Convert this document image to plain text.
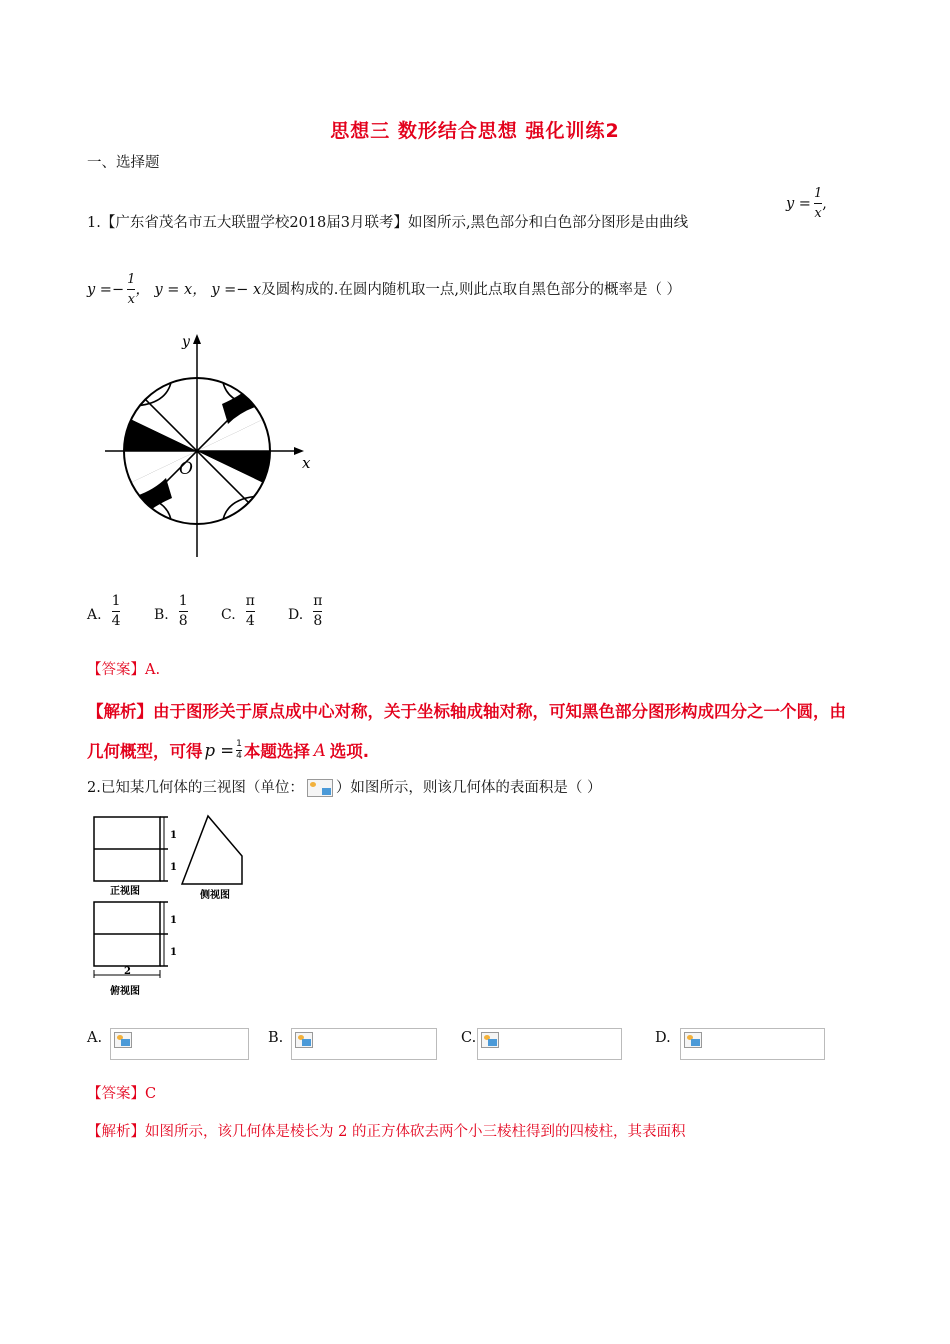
思想三 数形结合思想 强化训练2
一、选择题
1.【广东省茂名市五大联盟学校2018届3月联考】如图所示,黑色部分和白色部分图形是由曲线
$y = \frac{1}{x}$ ,
$y =- \frac{1}{x}$ ， y = x， y =− x 及圆构成的.在圆内随机取一点,则此点取自黑色部分的概率是（ ）
y
x
O
A. $\frac{1}{4} B$. $\frac{1}{8} C$. $\frac{\pi}{4} D$. $\frac{\pi}{8}$
【答案】A.
【解析】由于图形关于原点成中心对称，关于坐标轴成轴对称，可知黑色部分图形构成四分之一个圆，由
几何概型，可得 $p = \frac{1}{4}$ 本题选择 A 选项.
2.已知某几何体的三视图（单位： ）如图所示，则该几何体的表面积是（ ）
1
1
正视图	侧视图
1
1
2
俯视图
A.	B.	C.	D.
【答案】C
【解析】如图所示，该几何体是棱长为 2 的正方体砍去两个小三棱柱得到的四棱柱，其表面积
